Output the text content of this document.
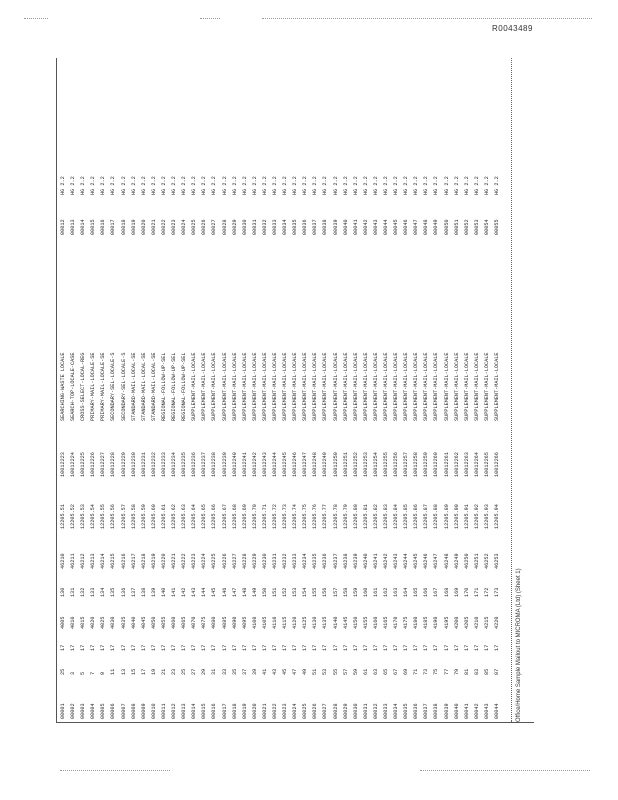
R0043489
Office/Home Sample Mailout to MICROMA (Ltd) (Sheet 1)
00001	25	17	4005	130	46210	12205.51	10012223	SEARCHING-WASTE LOCALE	00012	HG 2.2
00002	3	17	4010	131	46211	12205.52	10012224	SEARCH-TOP-LOCALE-CASE	00013	HG 2.2
00003	5	17	4015	132	46212	12205.53	10012225	CROSS-SELECT-LOCAL-REG	00014	HG 2.2
00004	7	17	4020	133	46213	12205.54	10012226	PRIMARY-MAIL-LOCALE-SE	00015	HG 2.2
00005	9	17	4025	134	46214	12205.55	10012227	PRIMARY-MAIL-LOCALE-SE	00016	HG 2.2
00006	11	17	4030	135	46215	12205.56	10012228	SECONDARY-SEL-LOCALE-S	00017	HG 2.2
00007	13	17	4035	136	46216	12205.57	10012229	SECONDARY-SEL-LOCALE-S	00018	HG 2.2
00008	15	17	4040	137	46217	12205.58	10012230	STANDARD-MAIL-LOCAL-SE	00019	HG 2.2
00009	17	17	4045	138	46218	12205.59	10012231	STANDARD-MAIL-LOCAL-SE	00020	HG 2.2
00010	19	17	4050	139	46219	12205.60	10012232	STANDARD-MAIL-LOCAL-SE	00021	HG 2.2
00011	21	17	4055	140	46220	12205.61	10012233	REGIONAL-FOLLOW-UP-SEL	00022	HG 2.2
00012	23	17	4060	141	46221	12205.62	10012234	REGIONAL-FOLLOW-UP-SEL	00023	HG 2.2
00013	25	17	4065	142	46222	12205.63	10012235	REGIONAL-FOLLOW-UP-SEL	00024	HG 2.2
00014	27	17	4070	143	46223	12205.64	10012236	SUPPLEMENT-MAIL-LOCALE	00025	HG 2.2
00015	29	17	4075	144	46224	12205.65	10012237	SUPPLEMENT-MAIL-LOCALE	00026	HG 2.2
00016	31	17	4080	145	46225	12205.66	10012238	SUPPLEMENT-MAIL-LOCALE	00027	HG 2.2
00017	33	17	4085	146	46226	12205.67	10012239	SUPPLEMENT-MAIL-LOCALE	00028	HG 2.2
00018	35	17	4090	147	46227	12205.68	10012240	SUPPLEMENT-MAIL-LOCALE	00029	HG 2.2
00019	37	17	4095	148	46228	12205.69	10012241	SUPPLEMENT-MAIL-LOCALE	00030	HG 2.2
00020	39	17	4100	149	46229	12205.70	10012242	SUPPLEMENT-MAIL-LOCALE	00031	HG 2.2
00021	41	17	4105	150	46230	12205.71	10012243	SUPPLEMENT-MAIL-LOCALE	00032	HG 2.2
00022	43	17	4110	151	46231	12205.72	10012244	SUPPLEMENT-MAIL-LOCALE	00033	HG 2.2
00023	45	17	4115	152	46232	12205.73	10012245	SUPPLEMENT-MAIL-LOCALE	00034	HG 2.2
00024	47	17	4120	153	46233	12205.74	10012246	SUPPLEMENT-MAIL-LOCALE	00035	HG 2.2
00025	49	17	4125	154	46234	12205.75	10012247	SUPPLEMENT-MAIL-LOCALE	00036	HG 2.2
00026	51	17	4130	155	46235	12205.76	10012248	SUPPLEMENT-MAIL-LOCALE	00037	HG 2.2
00027	53	17	4135	156	46236	12205.77	10012249	SUPPLEMENT-MAIL-LOCALE	00038	HG 2.2
00028	55	17	4140	157	46237	12205.78	10012250	SUPPLEMENT-MAIL-LOCALE	00039	HG 2.2
00029	57	17	4145	158	46238	12205.79	10012251	SUPPLEMENT-MAIL-LOCALE	00040	HG 2.2
00030	59	17	4150	159	46239	12205.80	10012252	SUPPLEMENT-MAIL-LOCALE	00041	HG 2.2
00031	61	17	4155	160	46240	12205.81	10012253	SUPPLEMENT-MAIL-LOCALE	00042	HG 2.2
00032	63	17	4160	161	46241	12205.82	10012254	SUPPLEMENT-MAIL-LOCALE	00043	HG 2.2
00033	65	17	4165	162	46242	12205.83	10012255	SUPPLEMENT-MAIL-LOCALE	00044	HG 2.2
00034	67	17	4170	163	46243	12205.84	10012256	SUPPLEMENT-MAIL-LOCALE	00045	HG 2.2
00035	69	17	4175	164	46244	12205.85	10012257	SUPPLEMENT-MAIL-LOCALE	00046	HG 2.2
00036	71	17	4180	165	46245	12205.86	10012258	SUPPLEMENT-MAIL-LOCALE	00047	HG 2.2
00037	73	17	4185	166	46246	12205.87	10012259	SUPPLEMENT-MAIL-LOCALE	00048	HG 2.2
00038	75	17	4190	167	46247	12205.88	10012260	SUPPLEMENT-MAIL-LOCALE	00049	HG 2.2
00039	77	17	4195	168	46248	12205.89	10012261	SUPPLEMENT-MAIL-LOCALE	00050	HG 2.2
00040	79	17	4200	169	46249	12205.90	10012262	SUPPLEMENT-MAIL-LOCALE	00051	HG 2.2
00041	81	17	4205	170	46250	12205.91	10012263	SUPPLEMENT-MAIL-LOCALE	00052	HG 2.2
00042	83	17	4210	171	46251	12205.92	10012264	SUPPLEMENT-MAIL-LOCALE	00053	HG 2.2
00043	85	17	4215	172	46252	12205.93	10012265	SUPPLEMENT-MAIL-LOCALE	00054	HG 2.2
00044	87	17	4220	173	46253	12205.94	10012266	SUPPLEMENT-MAIL-LOCALE	00055	HG 2.2
